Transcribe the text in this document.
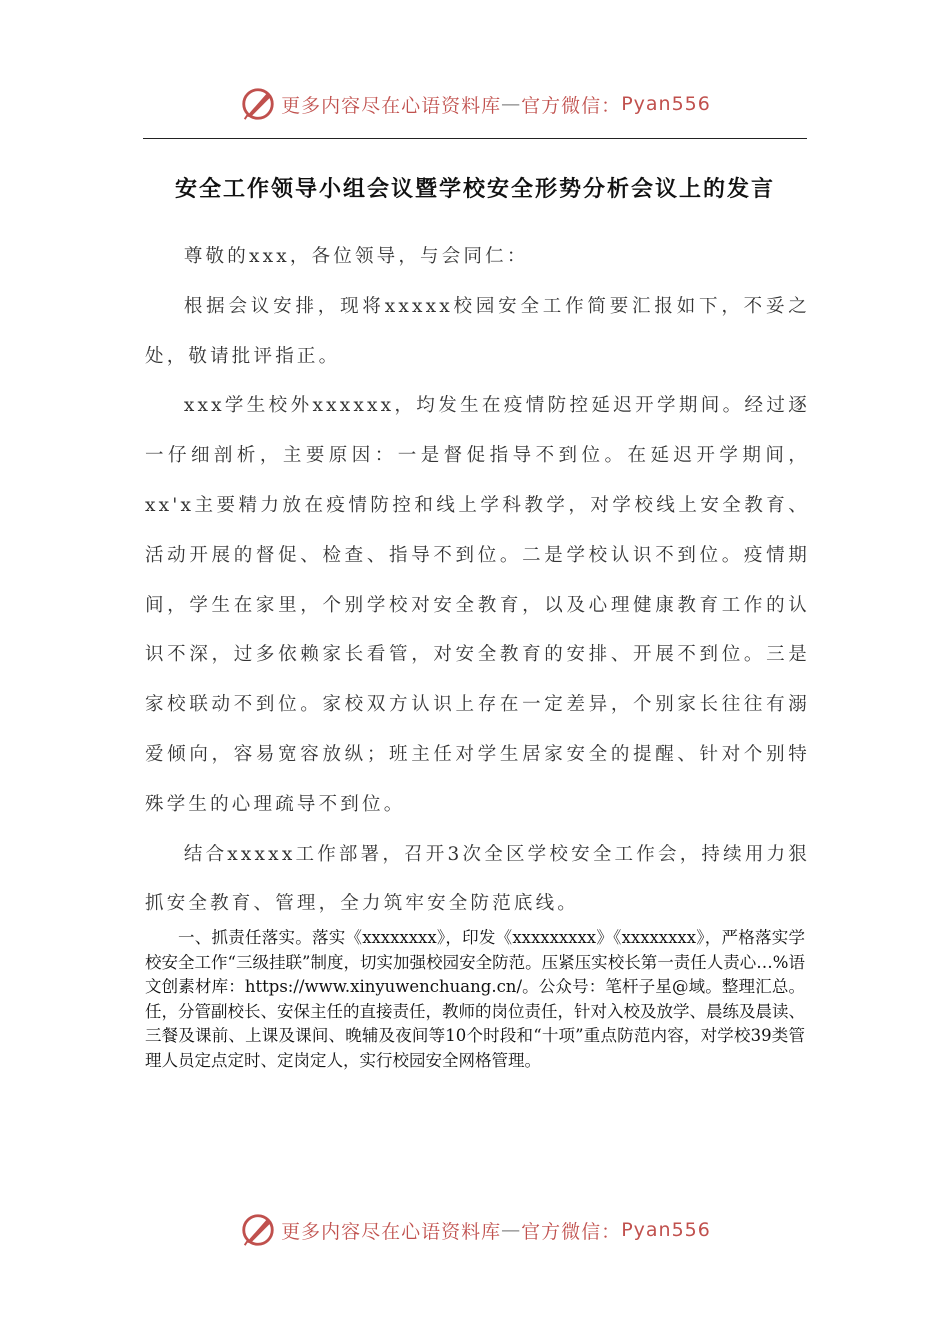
更多内容尽在心语资料库 — 官方微信： Pyan556
安全工作领导小组会议暨学校安全形势分析会议上的发言

尊敬的xxx，各位领导，与会同仁：

根据会议安排，现将xxxxx校园安全工作简要汇报如下，不妥之处，敬请批评指正。

xxx学生校外xxxxxx，均发生在疫情防控延迟开学期间。经过逐一仔细剖析，主要原因：一是督促指导不到位。在延迟开学期间，xx'x主要精力放在疫情防控和线上学科教学，对学校线上安全教育、活动开展的督促、检查、指导不到位。二是学校认识不到位。疫情期间，学生在家里，个别学校对安全教育，以及心理健康教育工作的认识不深，过多依赖家长看管，对安全教育的安排、开展不到位。三是家校联动不到位。家校双方认识上存在一定差异，个别家长往往有溺爱倾向，容易宽容放纵；班主任对学生居家安全的提醒、针对个别特殊学生的心理疏导不到位。

结合xxxxx工作部署，召开3次全区学校安全工作会，持续用力狠抓安全教育、管理，全力筑牢安全防范底线。

一、抓责任落实。落实《xxxxxxxx》，印发《xxxxxxxxx》《xxxxxxxx》，严格落实学校安全工作“三级挂联”制度，切实加强校园安全防范。压紧压实校长第一责任人责心…%语文创素材库：https://www.xinyuwenchuang.cn/。公众号：笔杆子星@域。整理汇总。任，分管副校长、安保主任的直接责任，教师的岗位责任，针对入校及放学、晨练及晨读、三餐及课前、上课及课间、晚辅及夜间等10个时段和“十项”重点防范内容，对学校39类管理人员定点定时、定岗定人，实行校园安全网格管理。

更多内容尽在心语资料库 — 官方微信： Pyan556
